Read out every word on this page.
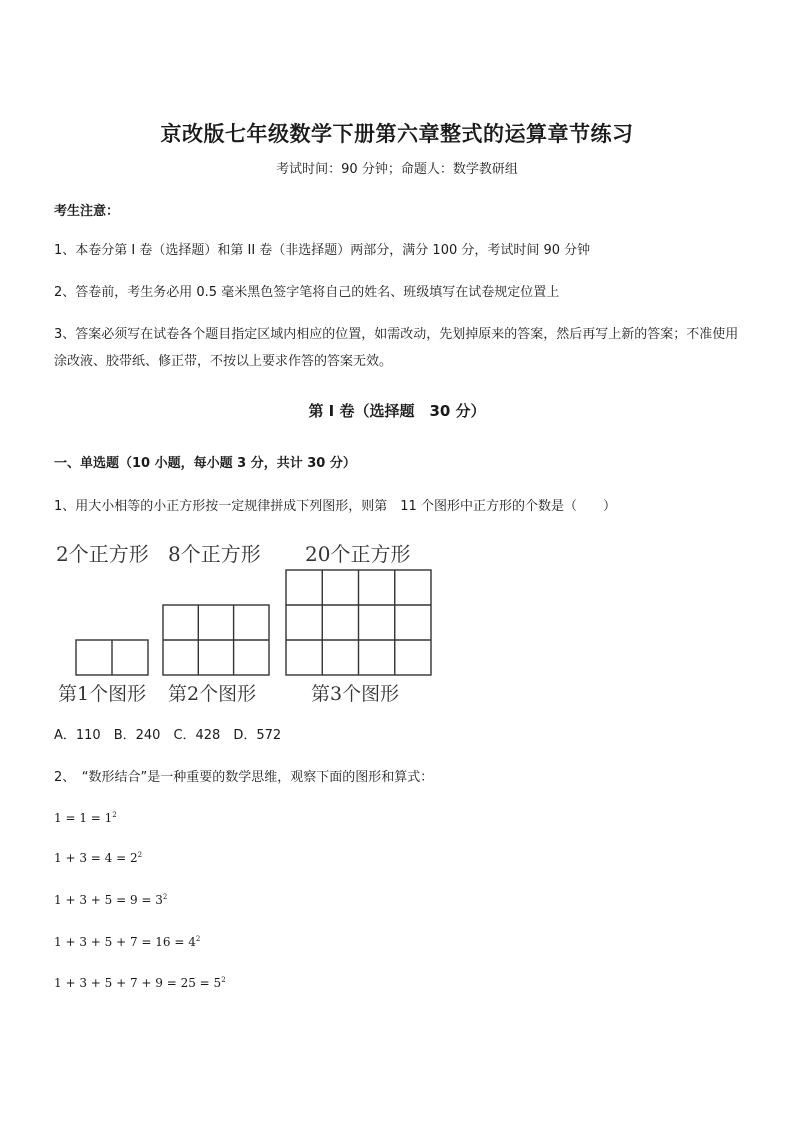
京改版七年级数学下册第六章整式的运算章节练习
考试时间：90 分钟；命题人：数学教研组
考生注意：
1、本卷分第 I 卷（选择题）和第 II 卷（非选择题）两部分，满分 100 分，考试时间 90 分钟
2、答卷前，考生务必用 0.5 毫米黑色签字笔将自己的姓名、班级填写在试卷规定位置上
3、答案必须写在试卷各个题目指定区域内相应的位置，如需改动，先划掉原来的答案，然后再写上新的答案；不准使用涂改液、胶带纸、修正带，不按以上要求作答的答案无效。
第 I 卷（选择题　30 分）
一、单选题（10 小题，每小题 3 分，共计 30 分）
1、用大小相等的小正方形按一定规律拼成下列图形，则第　11 个图形中正方形的个数是（　　）
2个正方形 8个正方形 20个正方形
第1个图形 第2个图形	第3个图形
A．110　B．240　C．428　D．572
2、　“数形结合”是一种重要的数学思维，观察下面的图形和算式：
$1 = 1 = 1^2$
$1 + 3 = 4 = 2^2$
$1 + 3 + 5 = 9 = 3^2$
$1 + 3 + 5 + 7 = 16 = 4^2$
$1 + 3 + 5 + 7 + 9 = 25 = 5^2$
